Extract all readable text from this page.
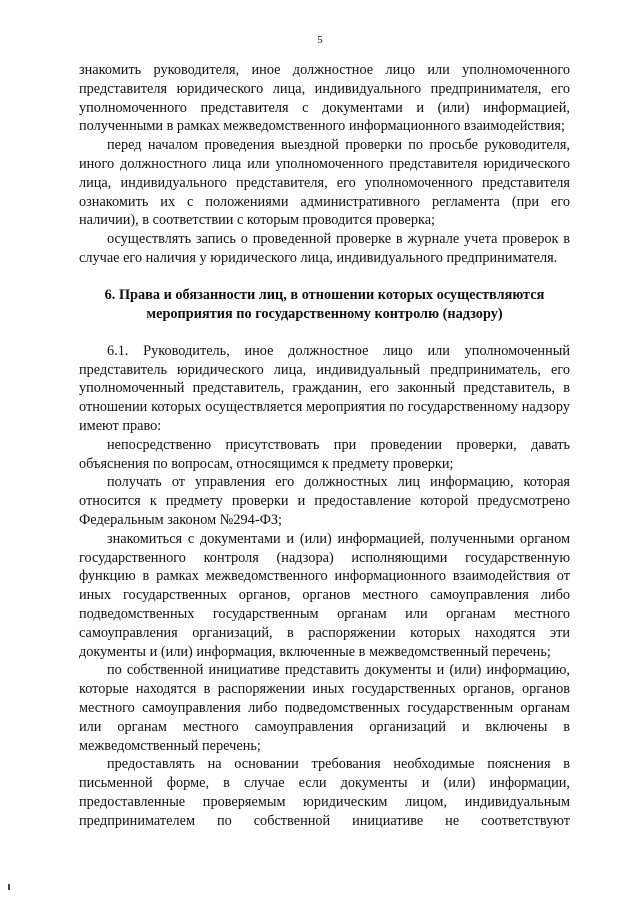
5

знакомить руководителя, иное должностное лицо или уполномоченного представителя юридического лица, индивидуального предпринимателя, его уполномоченного представителя с документами и (или) информацией, полученными в рамках межведомственного информационного взаимодействия;

перед началом проведения выездной проверки по просьбе руководителя, иного должностного лица или уполномоченного представителя юридического лица, индивидуального представителя, его уполномоченного представителя ознакомить их с положениями административного регламента (при его наличии), в соответствии с которым проводится проверка;

осуществлять запись о проведенной проверке в журнале учета проверок в случае его наличия у юридического лица, индивидуального предпринимателя.

6. Права и обязанности лиц, в отношении которых осуществляются
мероприятия по государственному контролю (надзору)

6.1. Руководитель, иное должностное лицо или уполномоченный представитель юридического лица, индивидуальный предприниматель, его уполномоченный представитель, гражданин, его законный представитель, в отношении которых осуществляется мероприятия по государственному надзору имеют право:

непосредственно присутствовать при проведении проверки, давать объяснения по вопросам, относящимся к предмету проверки;

получать от управления его должностных лиц информацию, которая относится к предмету проверки и предоставление которой предусмотрено Федеральным законом №294-ФЗ;

знакомиться с документами и (или) информацией, полученными органом государственного контроля (надзора) исполняющими государственную функцию в рамках межведомственного информационного взаимодействия от иных государственных органов, органов местного самоуправления либо подведомственных государственным органам или органам местного самоуправления организаций, в распоряжении которых находятся эти документы и (или) информация, включенные в межведомственный перечень;

по собственной инициативе представить документы и (или) информацию, которые находятся в распоряжении иных государственных органов, органов местного самоуправления либо подведомственных государственным органам или органам местного самоуправления организаций и включены в межведомственный перечень;

предоставлять на основании требования необходимые пояснения в письменной форме, в случае если документы и (или) информации, предоставленные проверяемым юридическим лицом, индивидуальным предпринимателем по собственной инициативе не соответствуют
